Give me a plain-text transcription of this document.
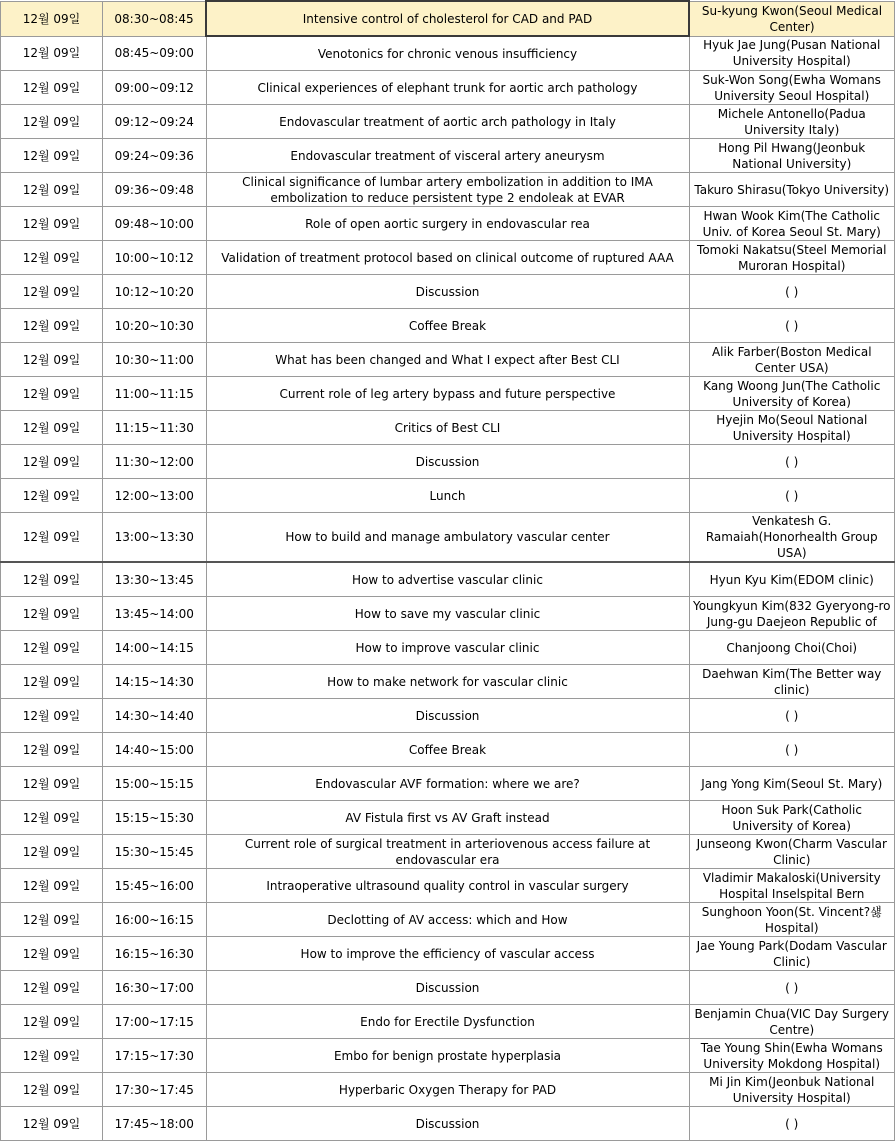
12월 09일	08:30~08:45	Intensive control of cholesterol for CAD and PAD	Su-kyung Kwon(Seoul Medical Center)
12월 09일	08:45~09:00	Venotonics for chronic venous insufficiency	Hyuk Jae Jung(Pusan National University Hospital)
12월 09일	09:00~09:12	Clinical experiences of elephant trunk for aortic arch pathology	Suk-Won Song(Ewha Womans University Seoul Hospital)
12월 09일	09:12~09:24	Endovascular treatment of aortic arch pathology in Italy	Michele Antonello(Padua University Italy)
12월 09일	09:24~09:36	Endovascular treatment of visceral artery aneurysm	Hong Pil Hwang(Jeonbuk National University)
12월 09일	09:36~09:48	Clinical significance of lumbar artery embolization in addition to IMA embolization to reduce persistent type 2 endoleak at EVAR	Takuro Shirasu(Tokyo University)
12월 09일	09:48~10:00	Role of open aortic surgery in endovascular rea	Hwan Wook Kim(The Catholic Univ. of Korea Seoul St. Mary)
12월 09일	10:00~10:12	Validation of treatment protocol based on clinical outcome of ruptured AAA	Tomoki Nakatsu(Steel Memorial Muroran Hospital)
12월 09일	10:12~10:20	Discussion	( )
12월 09일	10:20~10:30	Coffee Break	( )
12월 09일	10:30~11:00	What has been changed and What I expect after Best CLI	Alik Farber(Boston Medical Center USA)
12월 09일	11:00~11:15	Current role of leg artery bypass and future perspective	Kang Woong Jun(The Catholic University of Korea)
12월 09일	11:15~11:30	Critics of Best CLI	Hyejin Mo(Seoul National University Hospital)
12월 09일	11:30~12:00	Discussion	( )
12월 09일	12:00~13:00	Lunch	( )
12월 09일	13:00~13:30	How to build and manage ambulatory vascular center	Venkatesh G. Ramaiah(Honorhealth Group USA)
12월 09일	13:30~13:45	How to advertise vascular clinic	Hyun Kyu Kim(EDOM clinic)
12월 09일	13:45~14:00	How to save my vascular clinic	Youngkyun Kim(832 Gyeryong-ro Jung-gu Daejeon Republic of
12월 09일	14:00~14:15	How to improve vascular clinic	Chanjoong Choi(Choi)
12월 09일	14:15~14:30	How to make network for vascular clinic	Daehwan Kim(The Better way clinic)
12월 09일	14:30~14:40	Discussion	( )
12월 09일	14:40~15:00	Coffee Break	( )
12월 09일	15:00~15:15	Endovascular AVF formation: where we are?	Jang Yong Kim(Seoul St. Mary)
12월 09일	15:15~15:30	AV Fistula first vs AV Graft instead	Hoon Suk Park(Catholic University of Korea)
12월 09일	15:30~15:45	Current role of surgical treatment in arteriovenous access failure at endovascular era	Junseong Kwon(Charm Vascular Clinic)
12월 09일	15:45~16:00	Intraoperative ultrasound quality control in vascular surgery	Vladimir Makaloski(University Hospital Inselspital Bern
12월 09일	16:00~16:15	Declotting of AV access: which and How	Sunghoon Yoon(St. Vincent?섏 Hospital)
12월 09일	16:15~16:30	How to improve the efficiency of vascular access	Jae Young Park(Dodam Vascular Clinic)
12월 09일	16:30~17:00	Discussion	( )
12월 09일	17:00~17:15	Endo for Erectile Dysfunction	Benjamin Chua(VIC Day Surgery Centre)
12월 09일	17:15~17:30	Embo for benign prostate hyperplasia	Tae Young Shin(Ewha Womans University Mokdong Hospital)
12월 09일	17:30~17:45	Hyperbaric Oxygen Therapy for PAD	Mi Jin Kim(Jeonbuk National University Hospital)
12월 09일	17:45~18:00	Discussion	( )
